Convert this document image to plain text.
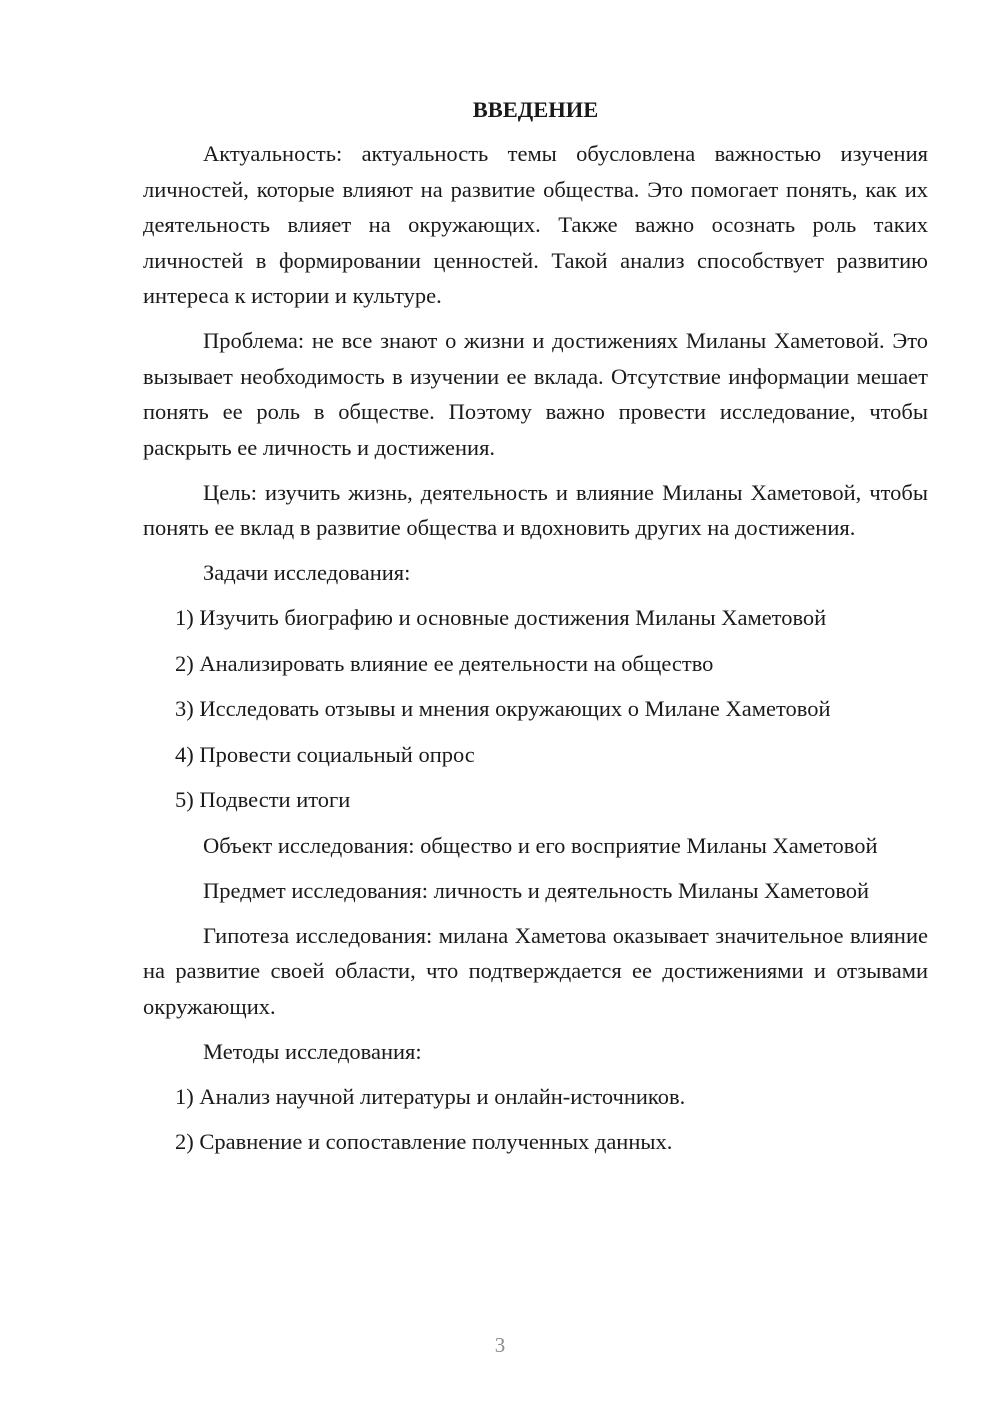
ВВЕДЕНИЕ
Актуальность: актуальность темы обусловлена важностью изучения личностей, которые влияют на развитие общества. Это помогает понять, как их деятельность влияет на окружающих. Также важно осознать роль таких личностей в формировании ценностей. Такой анализ способствует развитию интереса к истории и культуре.
Проблема: не все знают о жизни и достижениях Миланы Хаметовой. Это вызывает необходимость в изучении ее вклада. Отсутствие информации мешает понять ее роль в обществе. Поэтому важно провести исследование, чтобы раскрыть ее личность и достижения.
Цель: изучить жизнь, деятельность и влияние Миланы Хаметовой, чтобы понять ее вклад в развитие общества и вдохновить других на достижения.
Задачи исследования:
1) Изучить биографию и основные достижения Миланы Хаметовой
2) Анализировать влияние ее деятельности на общество
3) Исследовать отзывы и мнения окружающих о Милане Хаметовой
4) Провести социальный опрос
5) Подвести итоги
Объект исследования: общество и его восприятие Миланы Хаметовой
Предмет исследования: личность и деятельность Миланы Хаметовой
Гипотеза исследования: милана Хаметова оказывает значительное влияние на развитие своей области, что подтверждается ее достижениями и отзывами окружающих.
Методы исследования:
1) Анализ научной литературы и онлайн-источников.
2) Сравнение и сопоставление полученных данных.
3
